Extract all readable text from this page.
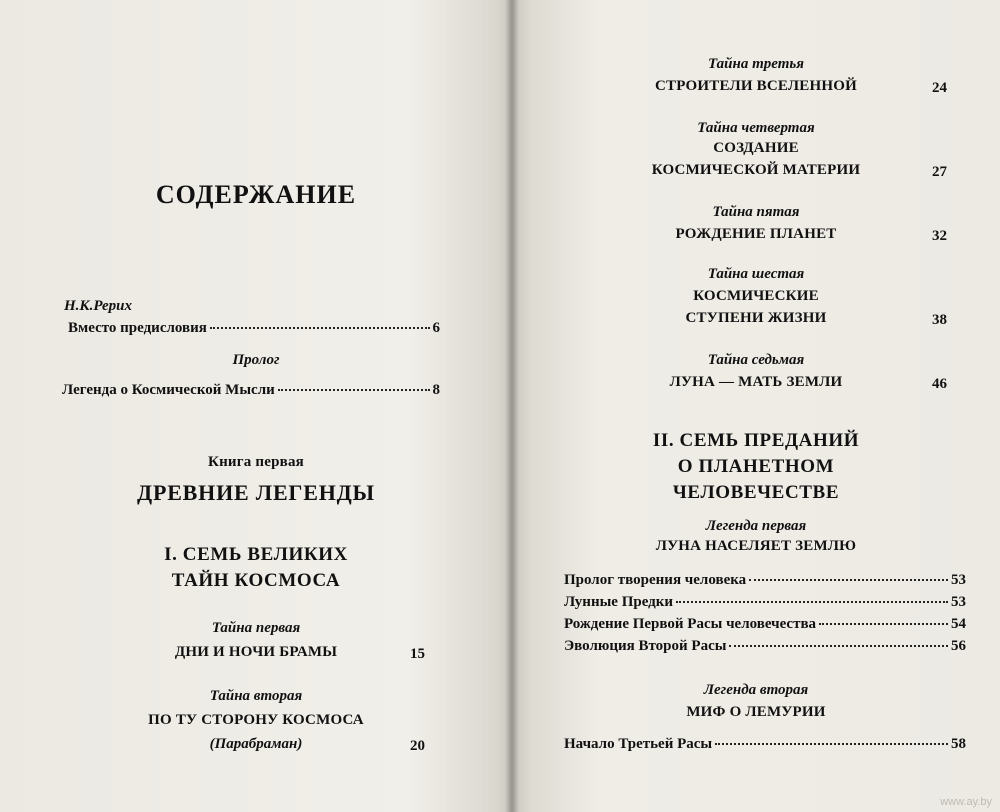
СОДЕРЖАНИЕ
Н.К.Рерих
Вместо предисловия	6
Пролог
Легенда о Космической Мысли	8
Книга первая
ДРЕВНИЕ ЛЕГЕНДЫ
I. СЕМЬ ВЕЛИКИХ
ТАЙН КОСМОСА
Тайна первая
ДНИ И НОЧИ БРАМЫ	15
Тайна вторая
ПО ТУ СТОРОНУ КОСМОСА
(Парабраман)	20
Тайна третья
СТРОИТЕЛИ ВСЕЛЕННОЙ	24
Тайна четвертая
СОЗДАНИЕ
КОСМИЧЕСКОЙ МАТЕРИИ	27
Тайна пятая
РОЖДЕНИЕ ПЛАНЕТ	32
Тайна шестая
КОСМИЧЕСКИЕ
СТУПЕНИ ЖИЗНИ	38
Тайна седьмая
ЛУНА — МАТЬ ЗЕМЛИ	46
II. СЕМЬ ПРЕДАНИЙ
О ПЛАНЕТНОМ
ЧЕЛОВЕЧЕСТВЕ
Легенда первая
ЛУНА НАСЕЛЯЕТ ЗЕМЛЮ
Пролог творения человека	53
Лунные Предки	53
Рождение Первой Расы человечества	54
Эволюция Второй Расы	56
Легенда вторая
МИФ О ЛЕМУРИИ
Начало Третьей Расы	58
www.ay.by
